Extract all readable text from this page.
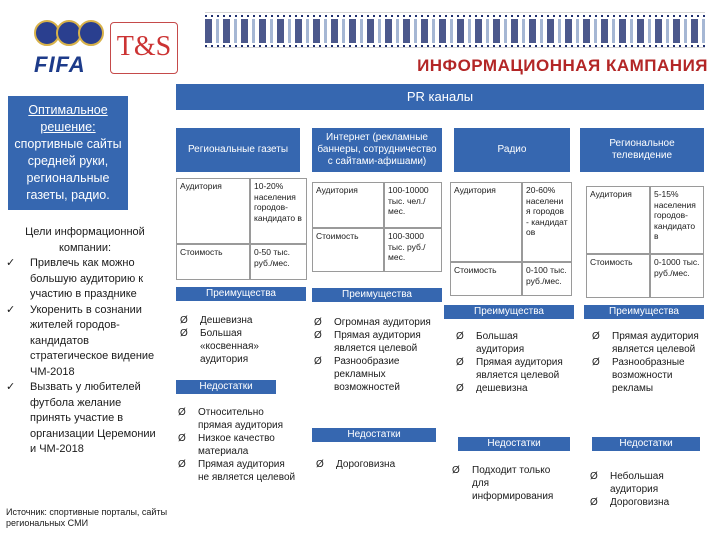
FIFA
T&S
ИНФОРМАЦИОННАЯ КАМПАНИЯ
PR каналы
Оптимальное решение:
спортивные сайты средней руки, региональные газеты, радио.
Цели информационной компании:
✓ Привлечь как можно большую аудиторию к участию в празднике
✓ Укоренить в сознании жителей городов-кандидатов стратегическое видение ЧМ-2018
✓ Вызвать у любителей футбола желание принять участие в организации Церемонии и ЧМ-2018
Источник: спортивные порталы, сайты региональных СМИ
Региональные газеты
Аудитория	10-20% населения городов-кандидато в
Стоимость	0-50 тыс. руб./мес.
Преимущества
Ø Дешевизна
Ø Большая «косвенная» аудитория
Недостатки
Ø Относительно прямая аудитория
Ø Низкое качество материала
Ø Прямая аудитория не является целевой
Интернет (рекламные баннеры, сотрудничество с сайтами-афишами)
Аудитория	100-10000 тыс. чел./мес.
Стоимость	100-3000 тыс. руб./мес.
Преимущества
Ø Огромная аудитория
Ø Прямая аудитория является целевой
Ø Разнообразие рекламных возможностей
Недостатки
Ø Дороговизна
Радио
Аудитория	20-60% населени я городов - кандидат ов
Стоимость	0-100 тыс. руб./мес.
Преимущества
Ø Большая аудитория
Ø Прямая аудитория является целевой
Ø дешевизна
Недостатки
Ø Подходит только для информирования
Региональное телевидение
Аудитория	5-15% населения городов-кандидато в
Стоимость	0-1000 тыс. руб./мес.
Преимущества
Ø Прямая аудитория является целевой
Ø Разнообразные возможности рекламы
Недостатки
Ø Небольшая аудитория
Ø Дороговизна
